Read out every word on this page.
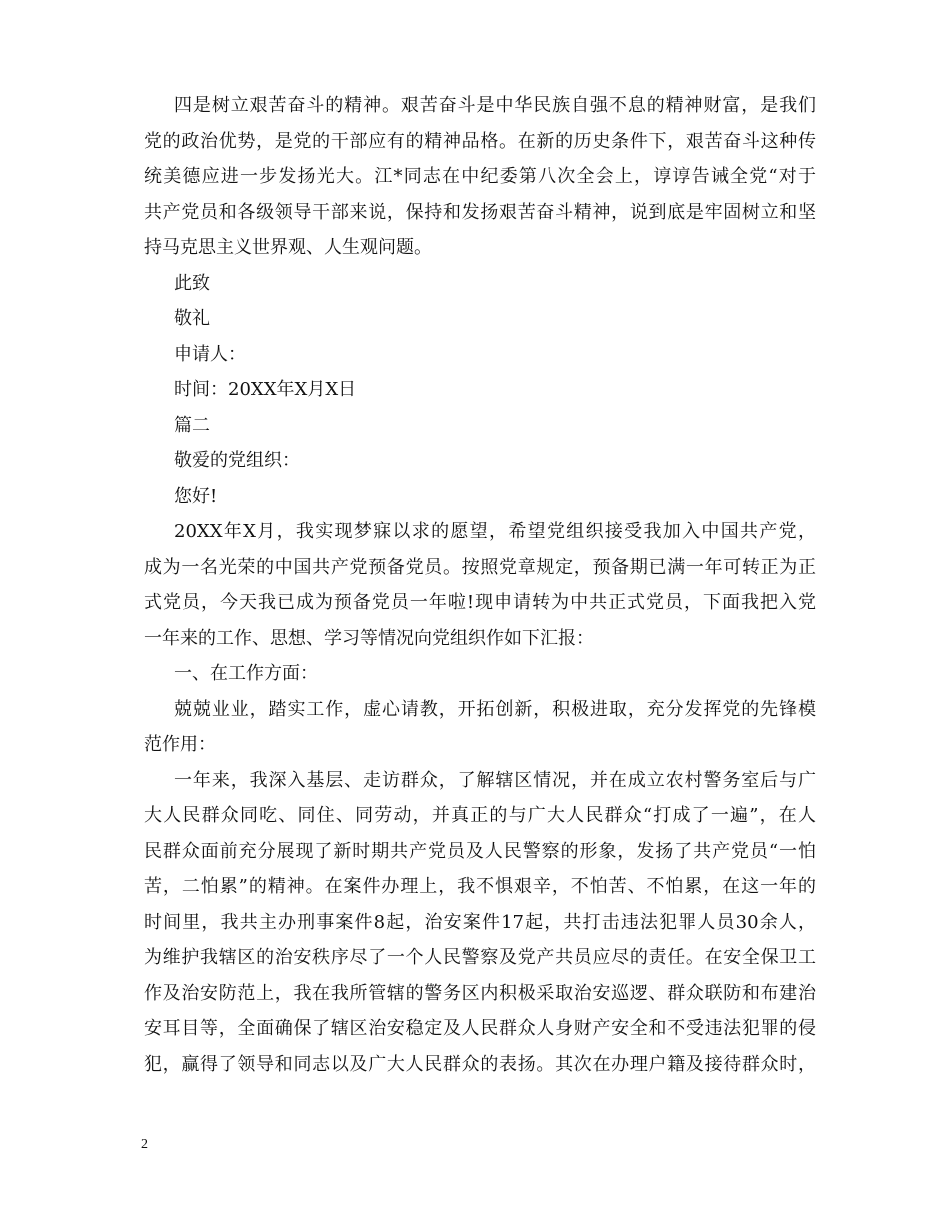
四是树立艰苦奋斗的精神。艰苦奋斗是中华民族自强不息的精神财富，是我们
党的政治优势，是党的干部应有的精神品格。在新的历史条件下，艰苦奋斗这种传
统美德应进一步发扬光大。江*同志在中纪委第八次全会上，谆谆告诫全党“对于
共产党员和各级领导干部来说，保持和发扬艰苦奋斗精神，说到底是牢固树立和坚
持马克思主义世界观、人生观问题。
此致
敬礼
申请人：
时间：20XX年X月X日
篇二
敬爱的党组织：
您好!
20XX年X月，我实现梦寐以求的愿望，希望党组织接受我加入中国共产党，
成为一名光荣的中国共产党预备党员。按照党章规定，预备期已满一年可转正为正
式党员，今天我已成为预备党员一年啦!现申请转为中共正式党员，下面我把入党
一年来的工作、思想、学习等情况向党组织作如下汇报：
一、在工作方面：
兢兢业业，踏实工作，虚心请教，开拓创新，积极进取，充分发挥党的先锋模
范作用：
一年来，我深入基层、走访群众，了解辖区情况，并在成立农村警务室后与广
大人民群众同吃、同住、同劳动，并真正的与广大人民群众“打成了一遍”，在人
民群众面前充分展现了新时期共产党员及人民警察的形象，发扬了共产党员“一怕
苦，二怕累”的精神。在案件办理上，我不惧艰辛，不怕苦、不怕累，在这一年的
时间里，我共主办刑事案件8起，治安案件17起，共打击违法犯罪人员30余人，
为维护我辖区的治安秩序尽了一个人民警察及党产共员应尽的责任。在安全保卫工
作及治安防范上，我在我所管辖的警务区内积极采取治安巡逻、群众联防和布建治
安耳目等，全面确保了辖区治安稳定及人民群众人身财产安全和不受违法犯罪的侵
犯，赢得了领导和同志以及广大人民群众的表扬。其次在办理户籍及接待群众时，
2
